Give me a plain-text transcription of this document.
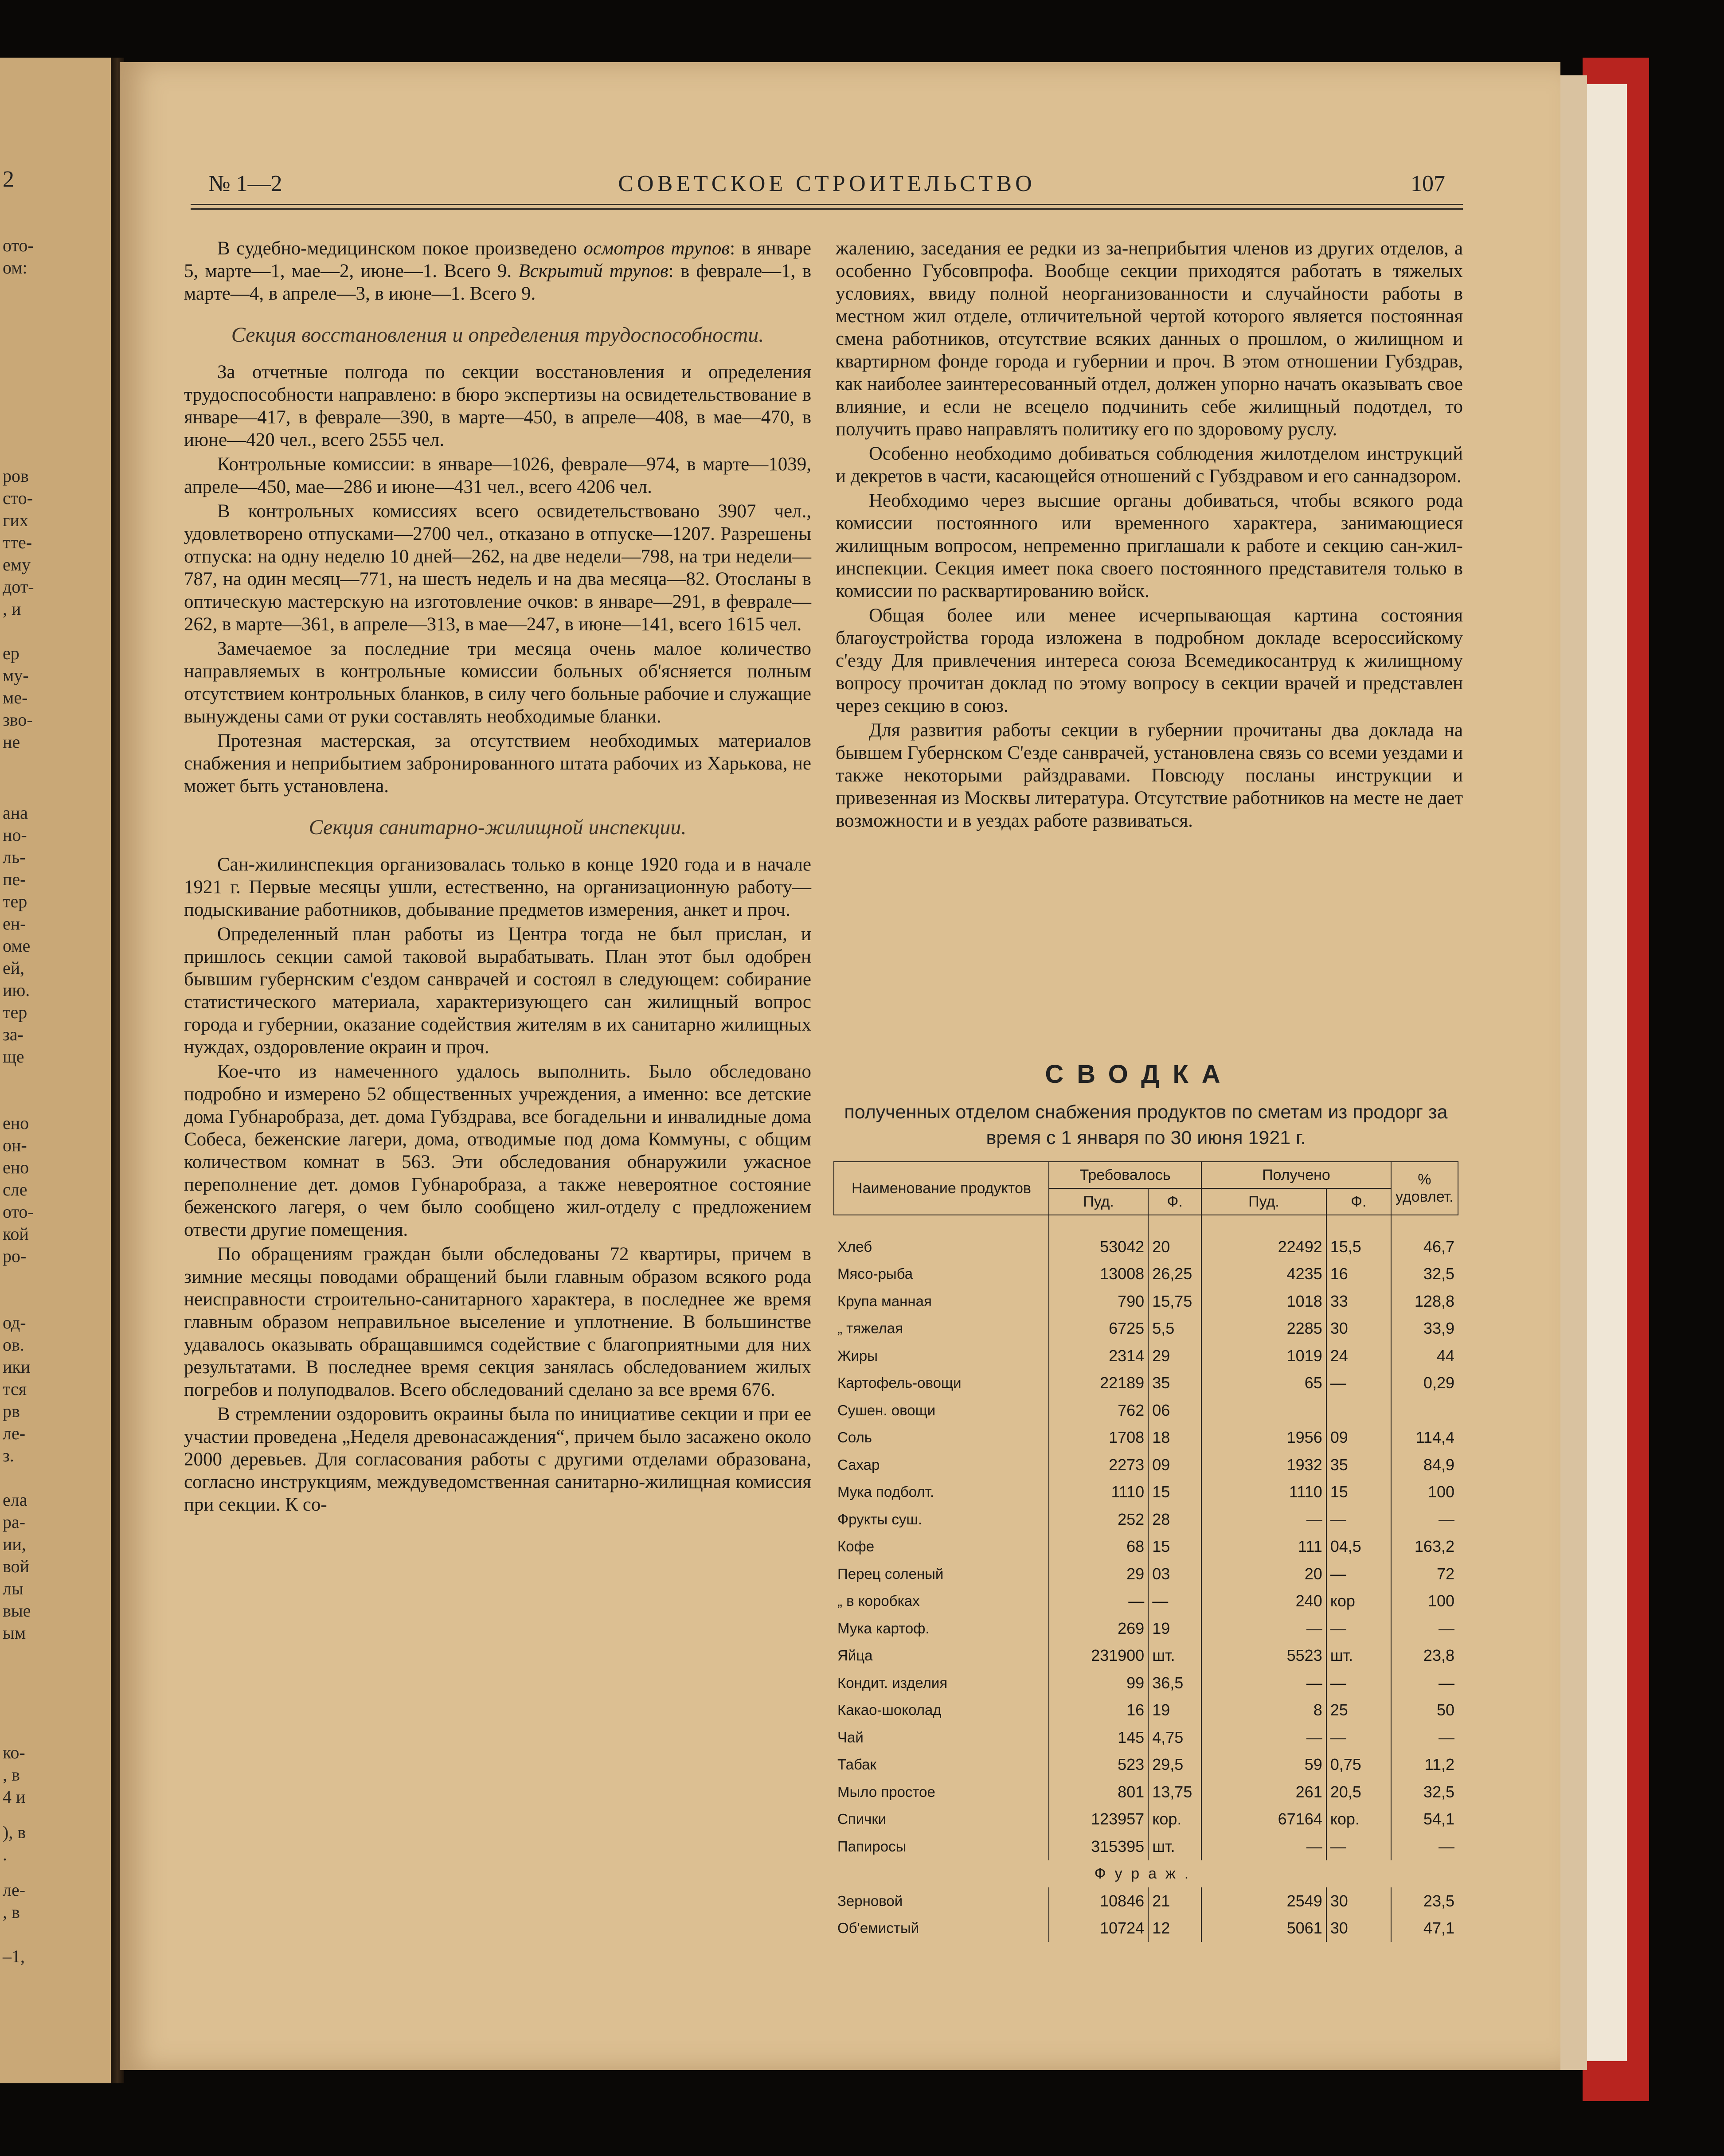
2
ото-
ом:
ров
сто-
гих
тте-
ему
дот-
, и
ер
му-
ме-
зво-
не
ана
но-
ль-
пе-
тер
ен-
оме
ей,
ию.
тер
за-
ще
ено
он-
ено
сле
ото-
кой
ро-
од-
ов.
ики
тся
рв
ле-
з.
ела
ра-
ии,
вой
лы
вые
ым
ко-
, в
4 и
), в
.
ле-
, в
–1,
№ 1—2	СОВЕТСКОЕ СТРОИТЕЛЬСТВО	107

В судебно-медицинском покое произведено осмотров трупов: в январе 5, марте—1, мае—2, июне—1. Всего 9. Вскрытий трупов: в феврале—1, в марте—4, в апреле—3, в июне—1. Всего 9.

Секция восстановления и определения трудоспособности.

За отчетные полгода по секции восстановления и определения трудоспособности направлено: в бюро экспертизы на освидетельствование в январе—417, в феврале—390, в марте—450, в апреле—408, в мае—470, в июне—420 чел., всего 2555 чел.

Контрольные комиссии: в январе—1026, феврале—974, в марте—1039, апреле—450, мае—286 и июне—431 чел., всего 4206 чел.

В контрольных комиссиях всего освидетельствовано 3907 чел., удовлетворено отпусками—2700 чел., отказано в отпуске—1207. Разрешены отпуска: на одну неделю 10 дней—262, на две недели—798, на три недели—787, на один месяц—771, на шесть недель и на два месяца—82. Отосланы в оптическую мастерскую на изготовление очков: в январе—291, в феврале—262, в марте—361, в апреле—313, в мае—247, в июне—141, всего 1615 чел.

Замечаемое за последние три месяца очень малое количество направляемых в контрольные комиссии больных об'ясняется полным отсутствием контрольных бланков, в силу чего больные рабочие и служащие вынуждены сами от руки составлять необходимые бланки.

Протезная мастерская, за отсутствием необходимых материалов снабжения и неприбытием забронированного штата рабочих из Харькова, не может быть установлена.

Секция санитарно-жилищной инспекции.

Сан-жилинспекция организовалась только в конце 1920 года и в начале 1921 г. Первые месяцы ушли, естественно, на организационную работу—подыскивание работников, добывание предметов измерения, анкет и проч.

Определенный план работы из Центра тогда не был прислан, и пришлось секции самой таковой вырабатывать. План этот был одобрен бывшим губернским с'ездом санврачей и состоял в следующем: собирание статистического материала, характеризующего сан жилищный вопрос города и губернии, оказание содействия жителям в их санитарно жилищных нуждах, оздоровление окраин и проч.

Кое-что из намеченного удалось выполнить. Было обследовано подробно и измерено 52 общественных учреждения, а именно: все детские дома Губнаробраза, дет. дома Губздрава, все богадельни и инвалидные дома Собеса, беженские лагери, дома, отводимые под дома Коммуны, с общим количеством комнат в 563. Эти обследования обнаружили ужасное переполнение дет. домов Губнаробраза, а также невероятное состояние беженского лагеря, о чем было сообщено жил-отделу с предложением отвести другие помещения.

По обращениям граждан были обследованы 72 квартиры, причем в зимние месяцы поводами обращений были главным образом всякого рода неисправности строительно-санитарного характера, в последнее же время главным образом неправильное выселение и уплотнение. В большинстве удавалось оказывать обращавшимся содействие с благоприятными для них результатами. В последнее время секция занялась обследованием жилых погребов и полуподвалов. Всего обследований сделано за все время 676.

В стремлении оздоровить окраины была по инициативе секции и при ее участии проведена „Неделя древонасаждения“, причем было засажено около 2000 деревьев. Для согласования работы с другими отделами образована, согласно инструкциям, междуведомственная санитарно-жилищная комиссия при секции. К со-

жалению, заседания ее редки из за-неприбытия членов из других отделов, а особенно Губсовпрофа. Вообще секции приходятся работать в тяжелых условиях, ввиду полной неорганизованности и случайности работы в местном жил отделе, отличительной чертой которого является постоянная смена работников, отсутствие всяких данных о прошлом, о жилищном и квартирном фонде города и губернии и проч. В этом отношении Губздрав, как наиболее заинтересованный отдел, должен упорно начать оказывать свое влияние, и если не всецело подчинить себе жилищный подотдел, то получить право направлять политику его по здоровому руслу.

Особенно необходимо добиваться соблюдения жилотделом инструкций и декретов в части, касающейся отношений с Губздравом и его саннадзором.

Необходимо через высшие органы добиваться, чтобы всякого рода комиссии постоянного или временного характера, занимающиеся жилищным вопросом, непременно приглашали к работе и секцию сан-жил-инспекции. Секция имеет пока своего постоянного представителя только в комиссии по расквартированию войск.

Общая более или менее исчерпывающая картина состояния благоустройства города изложена в подробном докладе всероссийскому с'езду Для привлечения интереса союза Всемедикосантруд к жилищному вопросу прочитан доклад по этому вопросу в секции врачей и представлен через секцию в союз.

Для развития работы секции в губернии прочитаны два доклада на бывшем Губернском С'езде санврачей, установлена связь со всеми уездами и также некоторыми райздравами. Повсюду посланы инструкции и привезенная из Москвы литература. Отсутствие работников на месте не дает возможности и в уездах работе развиваться.

СВОДКА
полученных отделом снабжения продуктов по сметам из продорг за время с 1 января по 30 июня 1921 г.
Наименование продуктов	Требовалось		Получено		% удовлет.
	Пуд.	Ф.	Пуд.	Ф.	

Хлеб	53042	20	22492	15,5	46,7
Мясо-рыба	13008	26,25	4235	16	32,5
Крупа манная	790	15,75	1018	33	128,8
„ тяжелая	6725	5,5	2285	30	33,9
Жиры	2314	29	1019	24	44
Картофель-овощи	22189	35	65	—	0,29
Сушен. овощи	762	06			
Соль	1708	18	1956	09	114,4
Сахар	2273	09	1932	35	84,9
Мука подболт.	1110	15	1110	15	100
Фрукты суш.	252	28	—	—	—
Кофе	68	15	111	04,5	163,2
Перец соленый	29	03	20	—	72
„ в коробках	—	—	240	кор	100
Мука картоф.	269	19	—	—	—
Яйца	231900	шт.	5523	шт.	23,8
Кондит. изделия	99	36,5	—	—	—
Какао-шоколад	16	19	8	25	50
Чай	145	4,75	—	—	—
Табак	523	29,5	59	0,75	11,2
Мыло простое	801	13,75	261	20,5	32,5
Спички	123957	кор.	67164	кор.	54,1
Папиросы	315395	шт.	—	—	—
Фураж.					
Зерновой	10846	21	2549	30	23,5
Об'емистый	10724	12	5061	30	47,1
